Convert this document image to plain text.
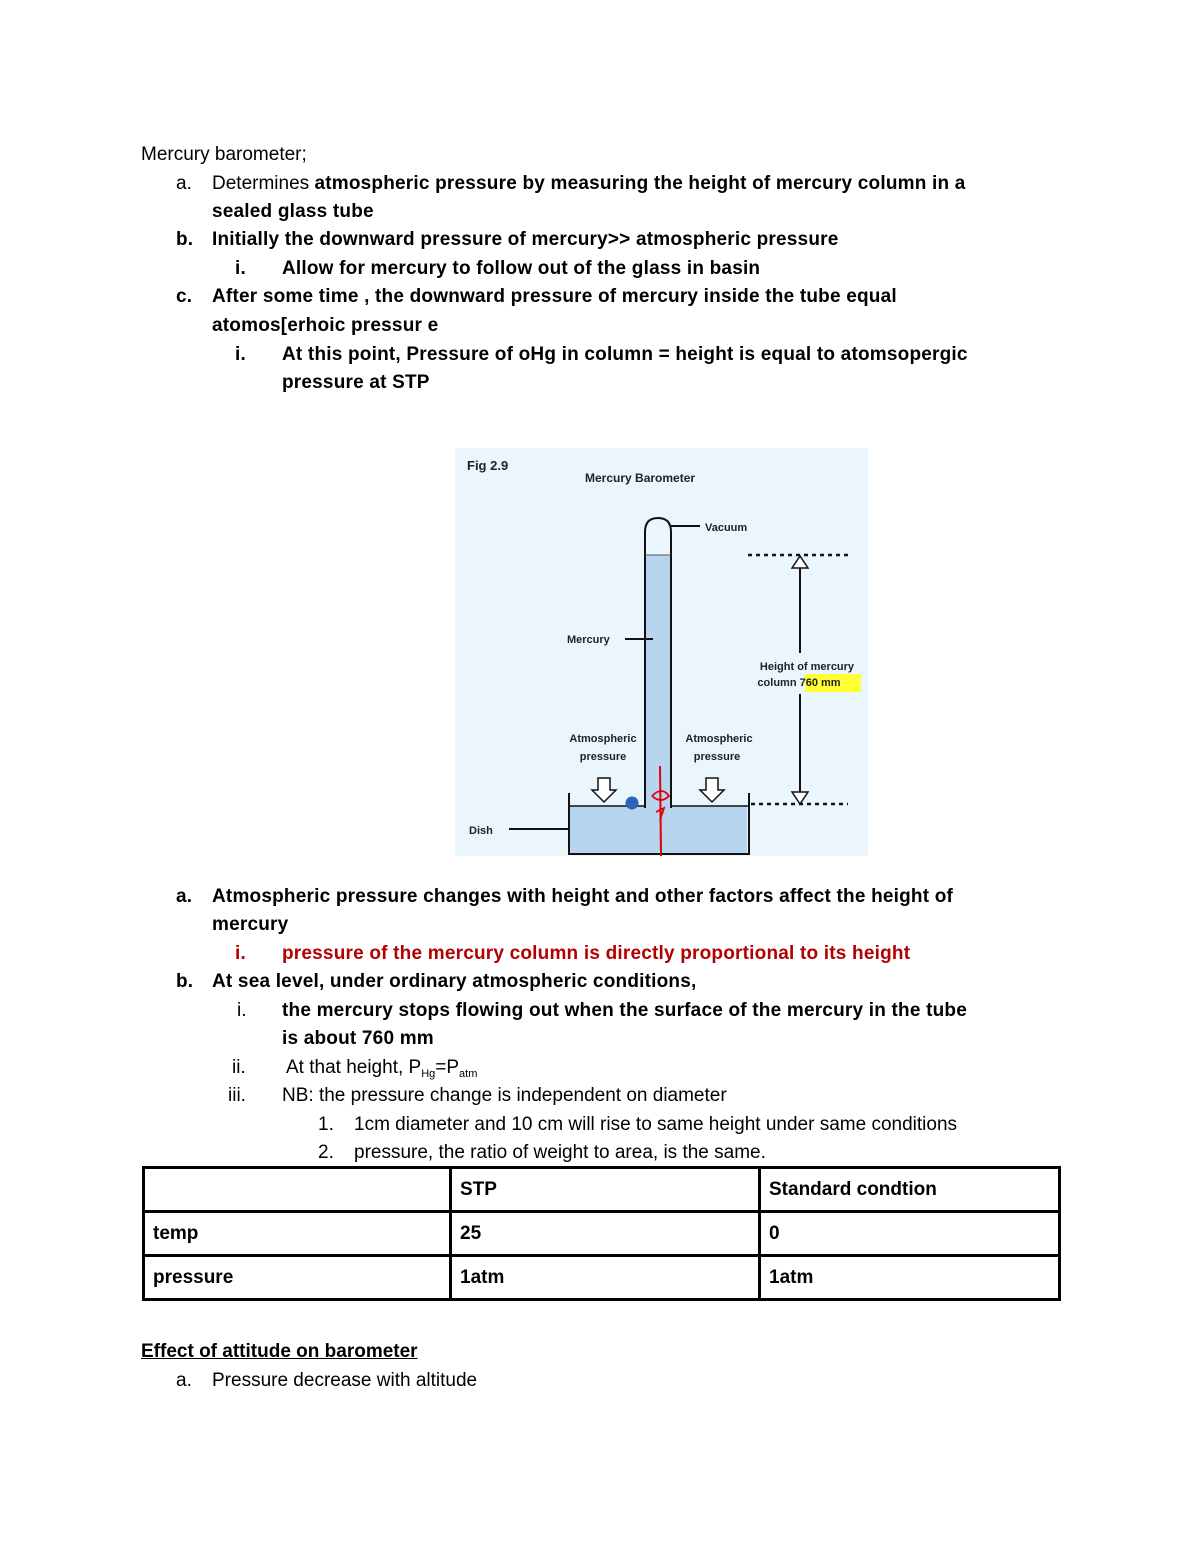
Mercury barometer;
a. Determines atmospheric pressure by measuring the height of mercury column in a
sealed glass tube
b. Initially the downward pressure of mercury>> atmospheric pressure
i. Allow for mercury to follow out of the glass in basin
c. After some time , the downward pressure of mercury inside the tube equal
atomos[erhoic pressur e
i. At this point, Pressure of oHg in column = height is equal to atomsopergic
pressure at STP
Fig 2.9
Mercury Barometer
Vacuum
Mercury
Height of mercury
column 760 mm
Atmospheric
pressure
Atmospheric
pressure
Dish
a. Atmospheric pressure changes with height and other factors affect the height of
mercury
i. pressure of the mercury column is directly proportional to its height
b. At sea level, under ordinary atmospheric conditions,
i. the mercury stops flowing out when the surface of the mercury in the tube
is about 760 mm
ii. At that height, $P_{Hg}=P_{atm}$
iii. NB: the pressure change is independent on diameter
1. 1cm diameter and 10 cm will rise to same height under same conditions
2. pressure, the ratio of weight to area, is the same.
	STP	Standard condtion
temp	25	0
pressure	1atm	1atm
Effect of attitude on barometer
a. Pressure decrease with altitude
